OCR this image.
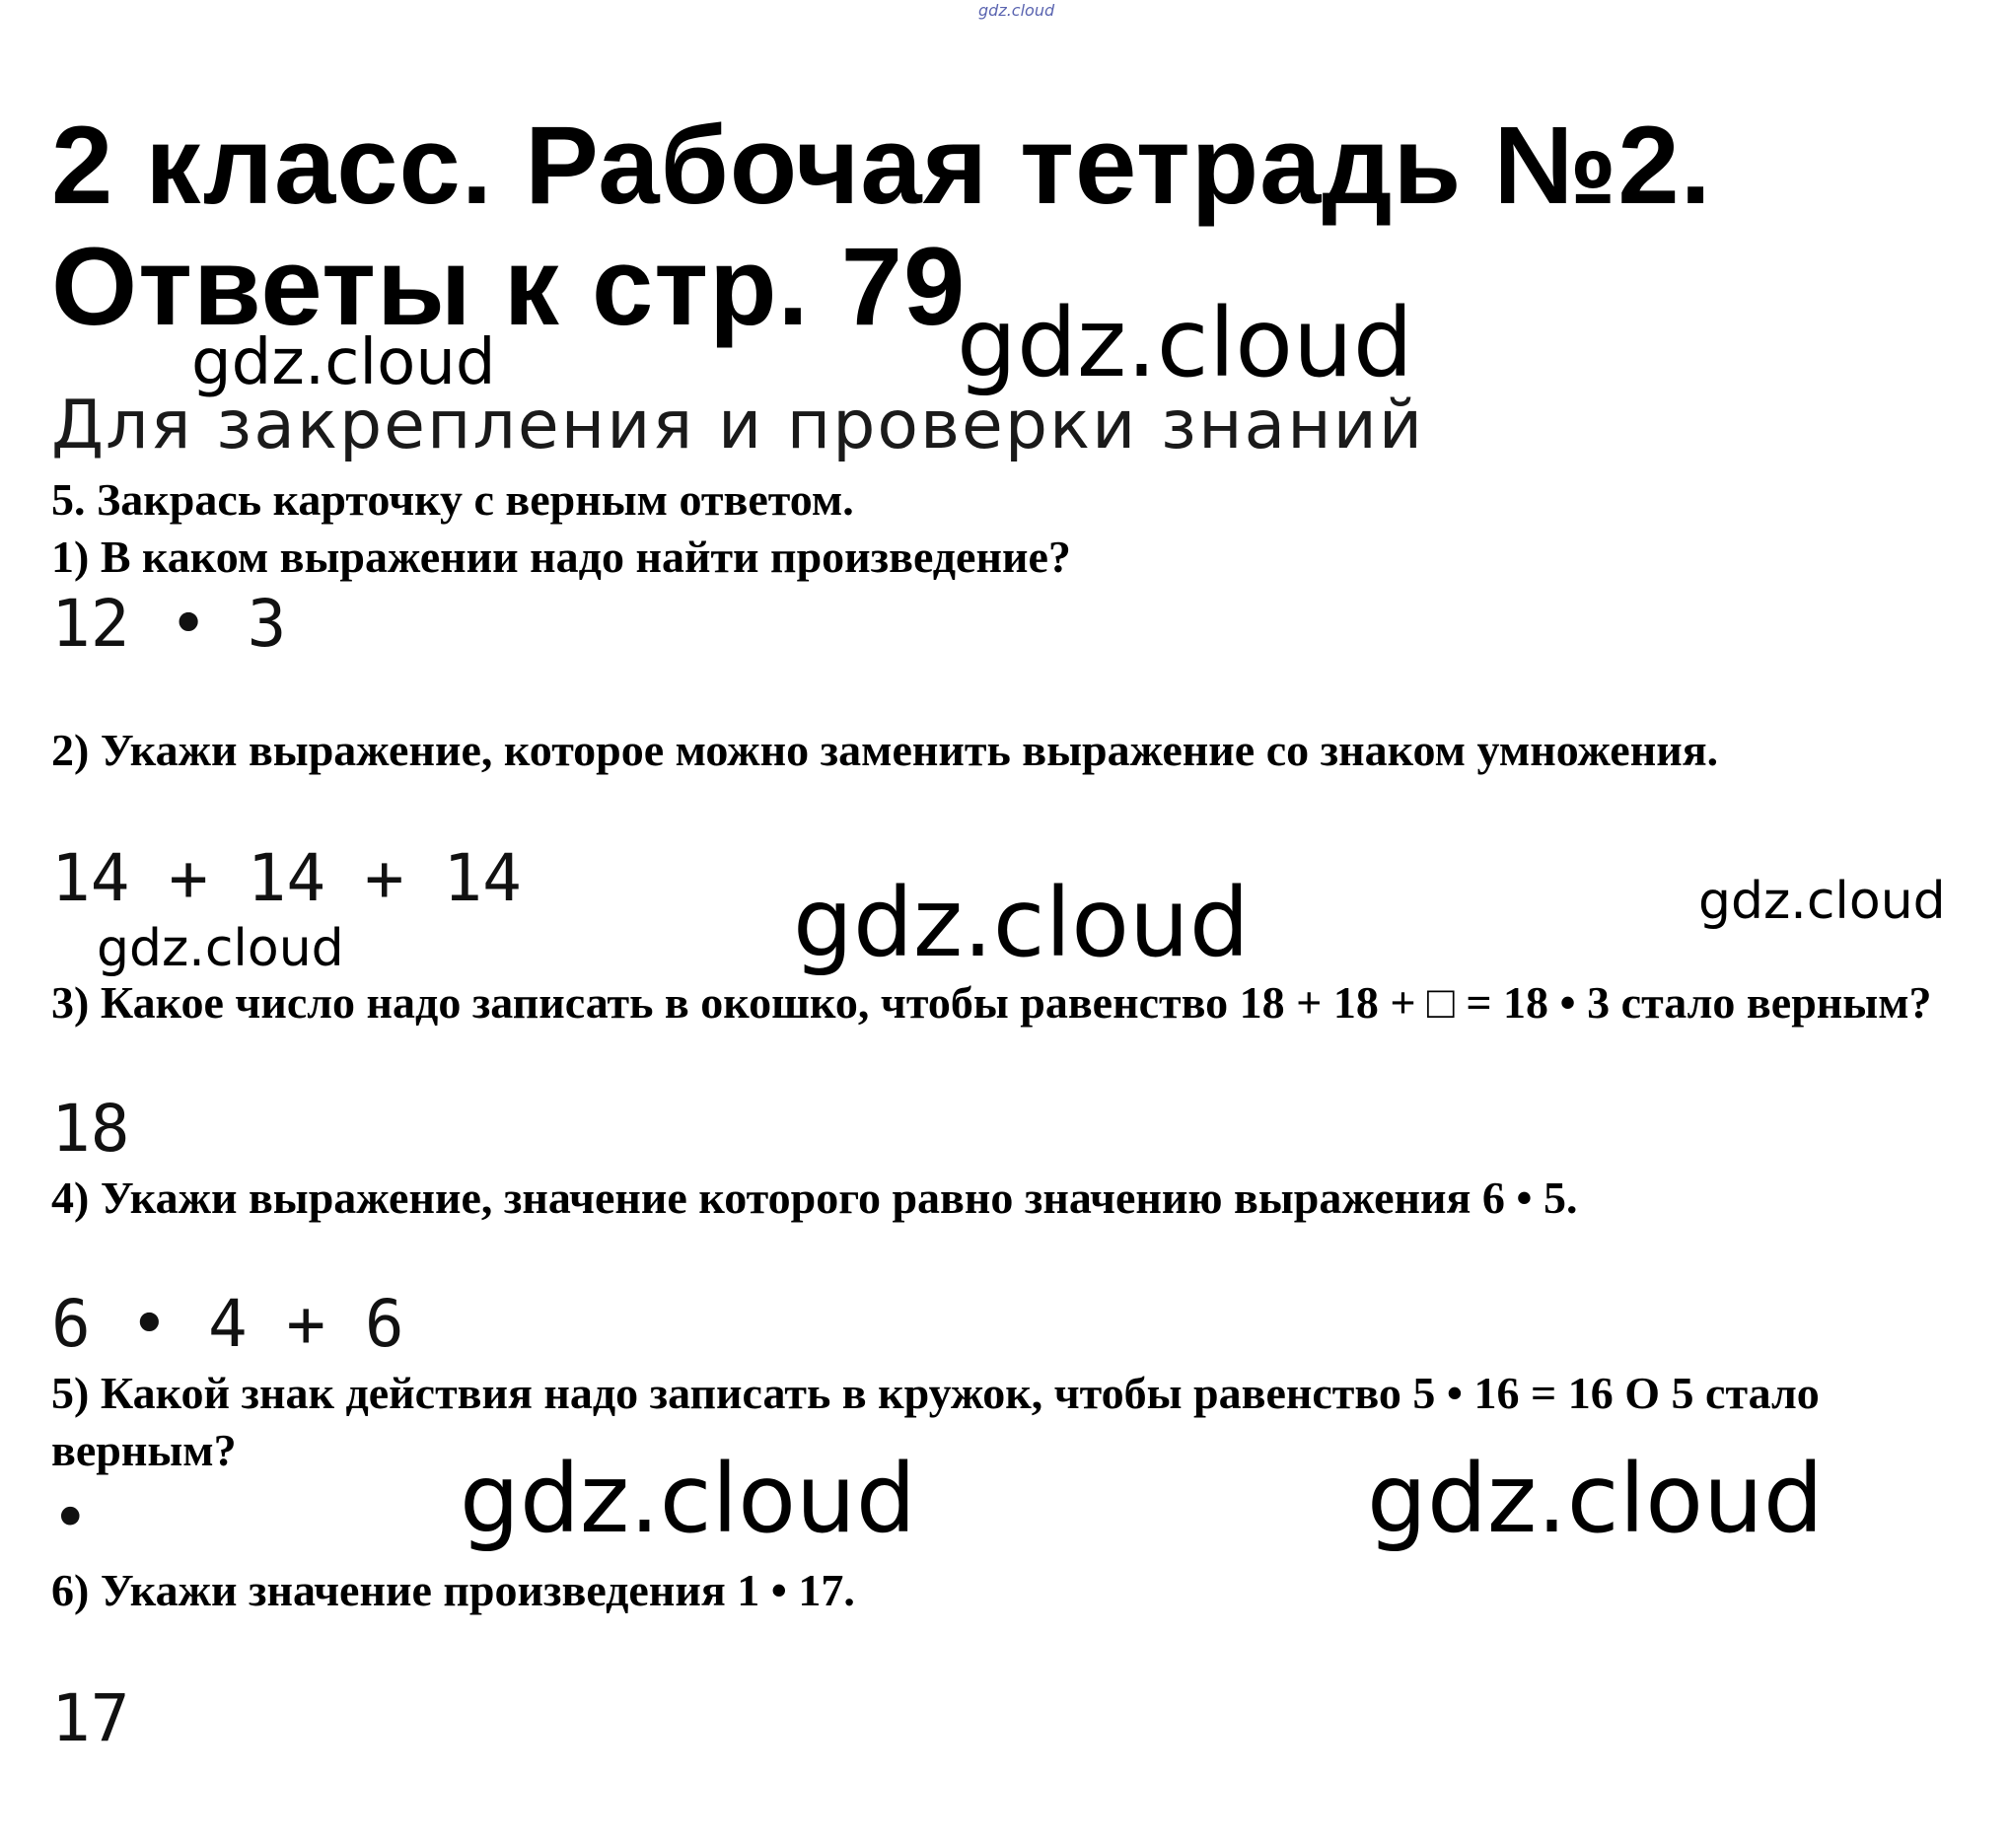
gdz.cloud
2 класс. Рабочая тетрадь №2.
Ответы к стр. 79
gdz.cloud	gdz.cloud
Для закрепления и проверки знаний
5. Закрась карточку с верным ответом.
1) В каком выражении надо найти произведение?
12 • 3
2) Укажи выражение, которое можно заменить выражение со знаком умножения.
14 + 14 + 14
gdz.cloud	gdz.cloud	gdz.cloud
3) Какое число надо записать в окошко, чтобы равенство 18 + 18 + □ = 18 • 3 стало верным?
18
4) Укажи выражение, значение которого равно значению выражения 6 • 5.
6 • 4 + 6
5) Какой знак действия надо записать в кружок, чтобы равенство 5 • 16 = 16 О 5 стало верным?
•	gdz.cloud	gdz.cloud
6) Укажи значение произведения 1 • 17.
17
